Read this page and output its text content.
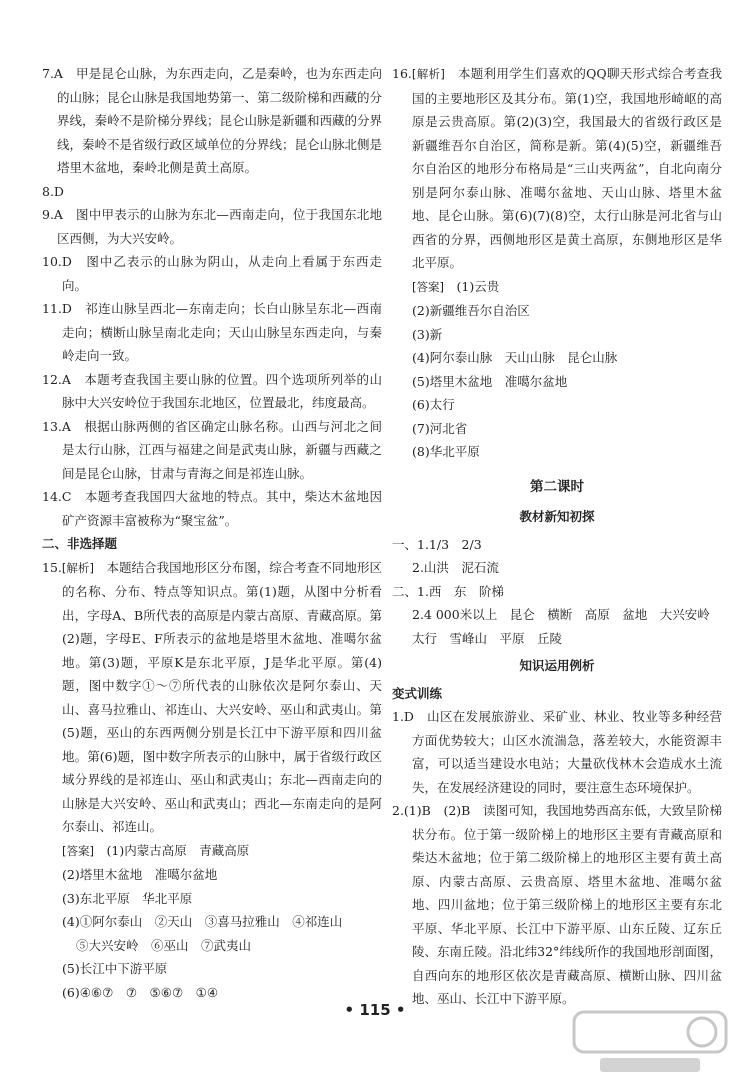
7.A　 甲是昆仑山脉，为东西走向，乙是秦岭，也为东西走向的山脉；昆仑山脉是我国地势第一、第二级阶梯和西藏的分界线，秦岭不是阶梯分界线；昆仑山脉是新疆和西藏的分界线，秦岭不是省级行政区域单位的分界线；昆仑山脉北侧是塔里木盆地，秦岭北侧是黄土高原。

8.D

9.A　 图中甲表示的山脉为东北—西南走向，位于我国东北地区西侧，为大兴安岭。

10.D　 图中乙表示的山脉为阴山，从走向上看属于东西走向。

11.D　 祁连山脉呈西北—东南走向；长白山脉呈东北—西南走向；横断山脉呈南北走向；天山山脉呈东西走向，与秦岭走向一致。

12.A　 本题考查我国主要山脉的位置。四个选项所列举的山脉中大兴安岭位于我国东北地区，位置最北，纬度最高。

13.A　 根据山脉两侧的省区确定山脉名称。山西与河北之间是太行山脉，江西与福建之间是武夷山脉，新疆与西藏之间是昆仑山脉，甘肃与青海之间是祁连山脉。

14.C　 本题考查我国四大盆地的特点。其中，柴达木盆地因矿产资源丰富被称为“聚宝盆”。

二、非选择题

15.[解析]　 本题结合我国地形区分布图，综合考查不同地形区的名称、分布、特点等知识点。第(1)题，从图中分析看出，字母A、B所代表的高原是内蒙古高原、青藏高原。第(2)题，字母E、F所表示的盆地是塔里木盆地、准噶尔盆地。第(3)题，平原K是东北平原，J是华北平原。第(4)题，图中数字①～⑦所代表的山脉依次是阿尔泰山、天山、喜马拉雅山、祁连山、大兴安岭、巫山和武夷山。第(5)题，巫山的东西两侧分别是长江中下游平原和四川盆地。第(6)题，图中数字所表示的山脉中，属于省级行政区域分界线的是祁连山、巫山和武夷山；东北—西南走向的山脉是大兴安岭、巫山和武夷山；西北—东南走向的是阿尔泰山、祁连山。

[答案]　 (1)内蒙古高原　青藏高原

(2)塔里木盆地　准噶尔盆地

(3)东北平原　华北平原

(4)①阿尔泰山　②天山　③喜马拉雅山　④祁连山

⑤大兴安岭　⑥巫山　⑦武夷山

(5)长江中下游平原

(6)④⑥⑦　⑦　⑤⑥⑦　①④

16.[解析]　 本题利用学生们喜欢的QQ聊天形式综合考查我国的主要地形区及其分布。第(1)空，我国地形崎岖的高原是云贵高原。第(2)(3)空，我国最大的省级行政区是新疆维吾尔自治区，简称是新。第(4)(5)空，新疆维吾尔自治区的地形分布格局是“三山夹两盆”，自北向南分别是阿尔泰山脉、准噶尔盆地、天山山脉、塔里木盆地、昆仑山脉。第(6)(7)(8)空，太行山脉是河北省与山西省的分界，西侧地形区是黄土高原，东侧地形区是华北平原。

[答案]　 (1)云贵

(2)新疆维吾尔自治区

(3)新

(4)阿尔泰山脉　天山山脉　昆仑山脉

(5)塔里木盆地　准噶尔盆地

(6)太行

(7)河北省

(8)华北平原

第二课时

教材新知初探

一、1.1/3　2/3

2.山洪　泥石流

二、1.西　东　阶梯

2.4 000米以上　昆仑　横断　高原　盆地　大兴安岭

太行　雪峰山　平原　丘陵

知识运用例析

变式训练

1.D　 山区在发展旅游业、采矿业、林业、牧业等多种经营方面优势较大；山区水流湍急，落差较大，水能资源丰富，可以适当建设水电站；大量砍伐林木会造成水土流失，在发展经济建设的同时，要注意生态环境保护。

2.(1)B　(2)B　 读图可知，我国地势西高东低，大致呈阶梯状分布。位于第一级阶梯上的地形区主要有青藏高原和柴达木盆地；位于第二级阶梯上的地形区主要有黄土高原、内蒙古高原、云贵高原、塔里木盆地、准噶尔盆地、四川盆地；位于第三级阶梯上的地形区主要有东北平原、华北平原、长江中下游平原、山东丘陵、辽东丘陵、东南丘陵。沿北纬32°纬线所作的我国地形剖面图，自西向东的地形区依次是青藏高原、横断山脉、四川盆地、巫山、长江中下游平原。

• 115 •
